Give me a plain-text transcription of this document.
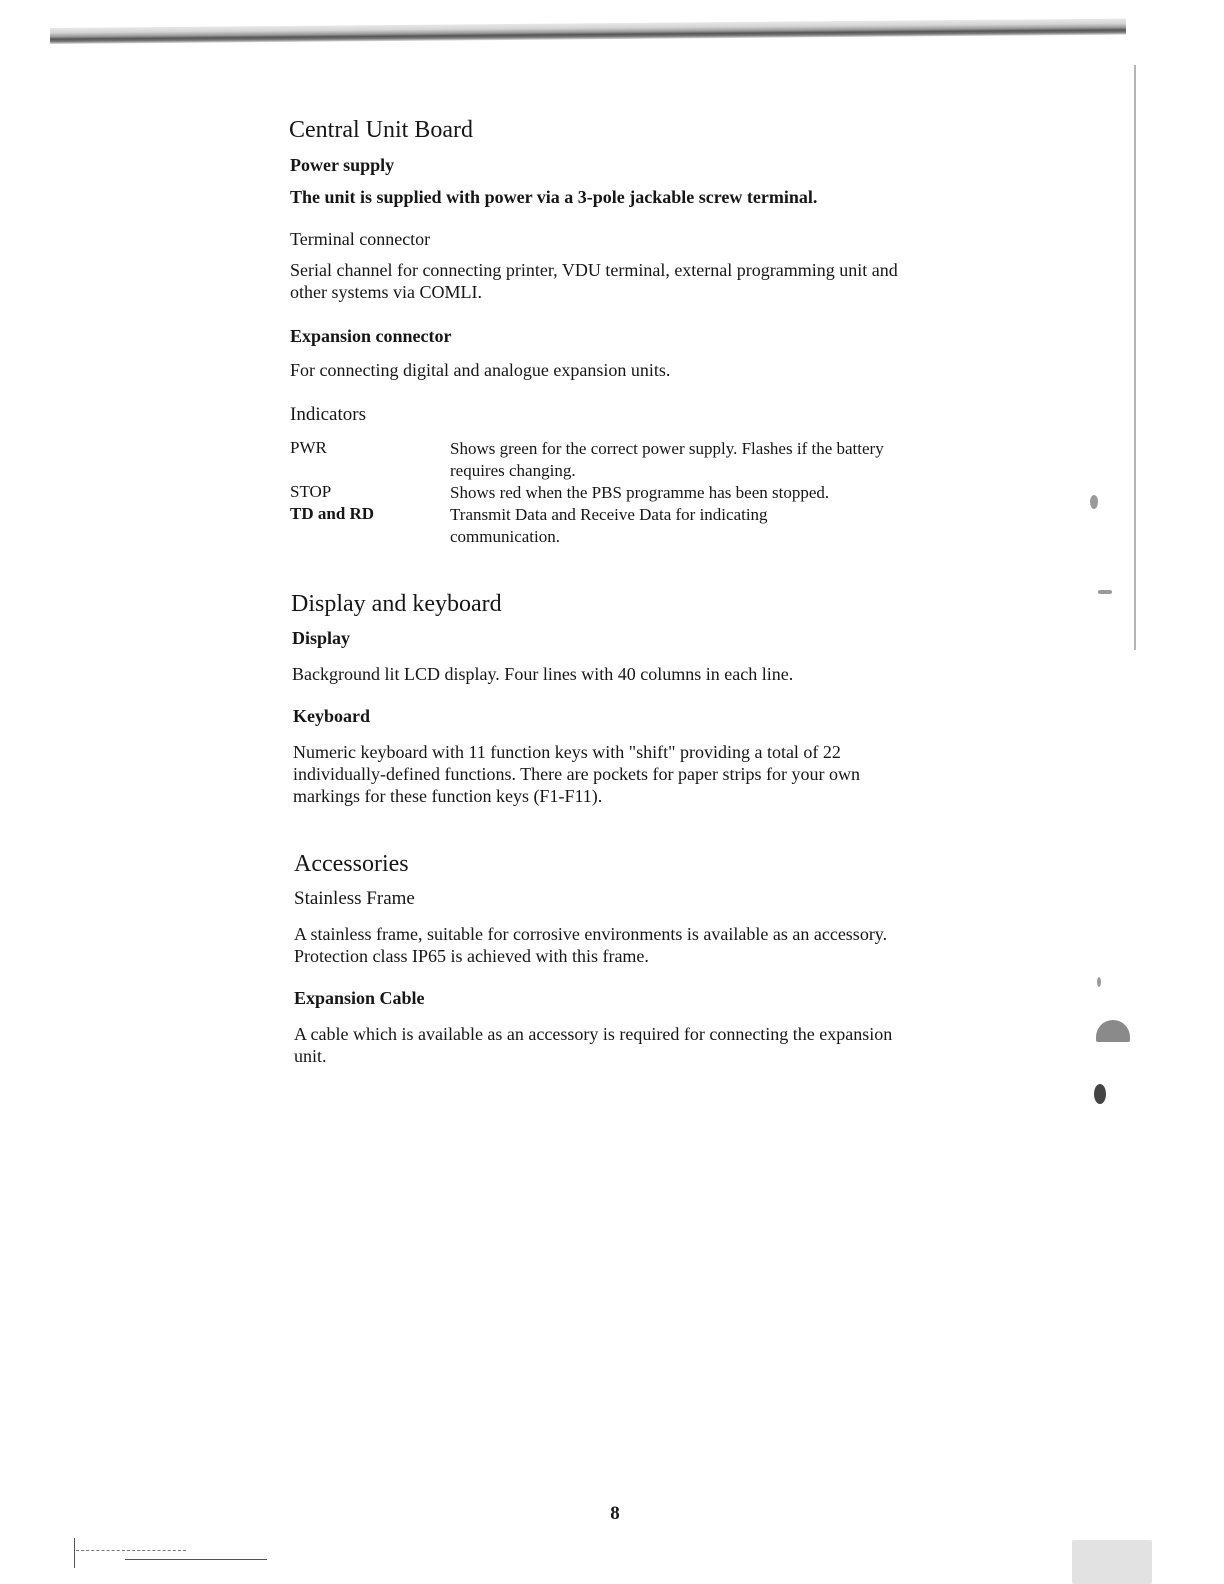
Central Unit Board
Power supply

The unit is supplied with power via a 3-pole jackable screw terminal.

Terminal connector

Serial channel for connecting printer, VDU terminal, external programming unit and other systems via COMLI.

Expansion connector

For connecting digital and analogue expansion units.

Indicators
PWR	Shows green for the correct power supply. Flashes if the battery requires changing.

STOP	Shows red when the PBS programme has been stopped.

TD and RD	Transmit Data and Receive Data for indicating communication.

Display and keyboard
Display

Background lit LCD display. Four lines with 40 columns in each line.

Keyboard

Numeric keyboard with 11 function keys with "shift" providing a total of 22 individually-defined functions. There are pockets for paper strips for your own markings for these function keys (F1-F11).

Accessories
Stainless Frame

A stainless frame, suitable for corrosive environments is available as an accessory. Protection class IP65 is achieved with this frame.

Expansion Cable

A cable which is available as an accessory is required for connecting the expansion unit.

8
